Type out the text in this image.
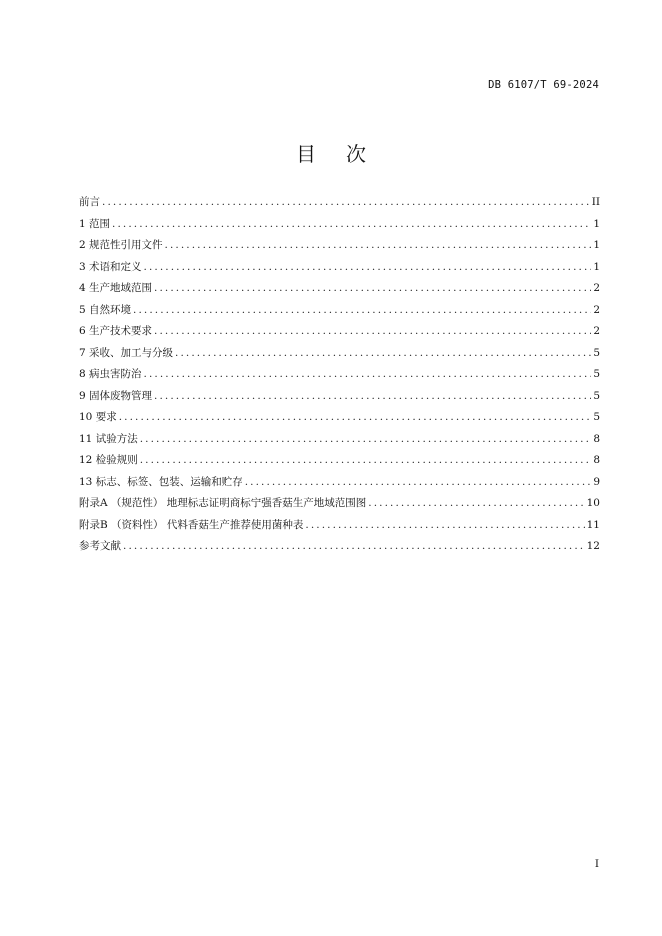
DB 6107/T 69-2024
目 次
前言 .....	II
1 范围 .....	1
2 规范性引用文件 .....	1
3 术语和定义 .....	1
4 生产地域范围 .....	2
5 自然环境 .....	2
6 生产技术要求 .....	2
7 采收、加工与分级 .....	5
8 病虫害防治 .....	5
9 固体废物管理 .....	5
10 要求 .....	5
11 试验方法 .....	8
12 检验规则 .....	8
13 标志、标签、包装、运输和贮存 .....	9
附录A （规范性） 地理标志证明商标宁强香菇生产地域范围图 .....	10
附录B （资料性） 代料香菇生产推荐使用菌种表 .....	11
参考文献 .....	12
I
